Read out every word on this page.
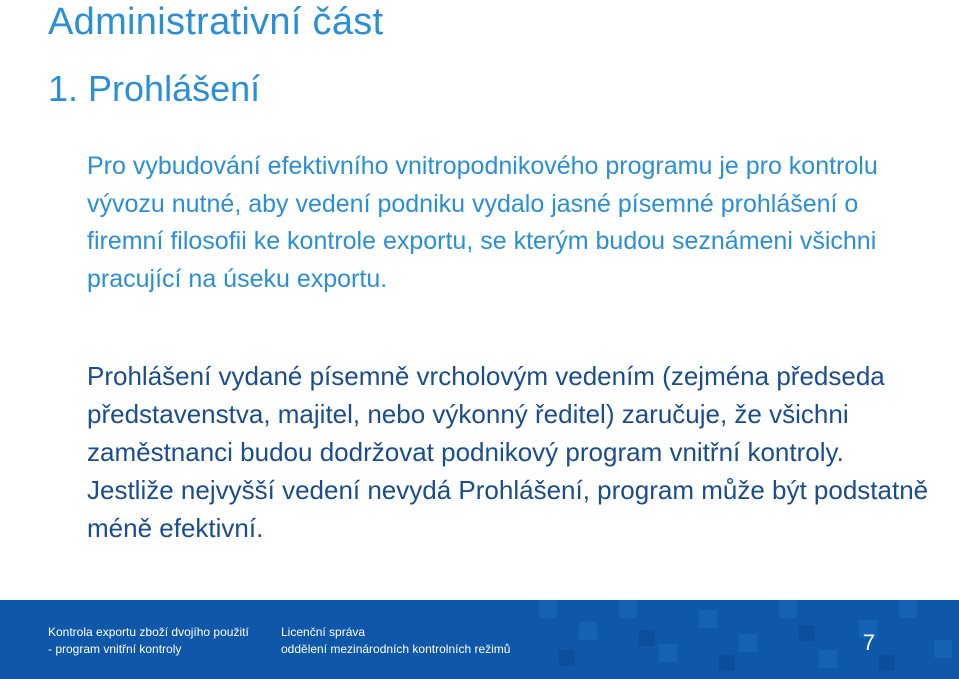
Administrativní část
1. Prohlášení

Pro vybudování efektivního vnitropodnikového programu je pro kontrolu vývozu nutné, aby vedení podniku vydalo jasné písemné prohlášení o firemní filosofii ke kontrole exportu, se kterým budou seznámeni všichni pracující na úseku exportu.

Prohlášení vydané písemně vrcholovým vedením (zejména předseda představenstva, majitel, nebo výkonný ředitel) zaručuje, že všichni zaměstnanci budou dodržovat podnikový program vnitřní kontroly. Jestliže nejvyšší vedení nevydá Prohlášení, program může být podstatně méně efektivní.

Kontrola exportu zboží dvojího použití
- program vnitřní kontroly
Licenční správa
oddělení mezinárodních kontrolních režimů	7
